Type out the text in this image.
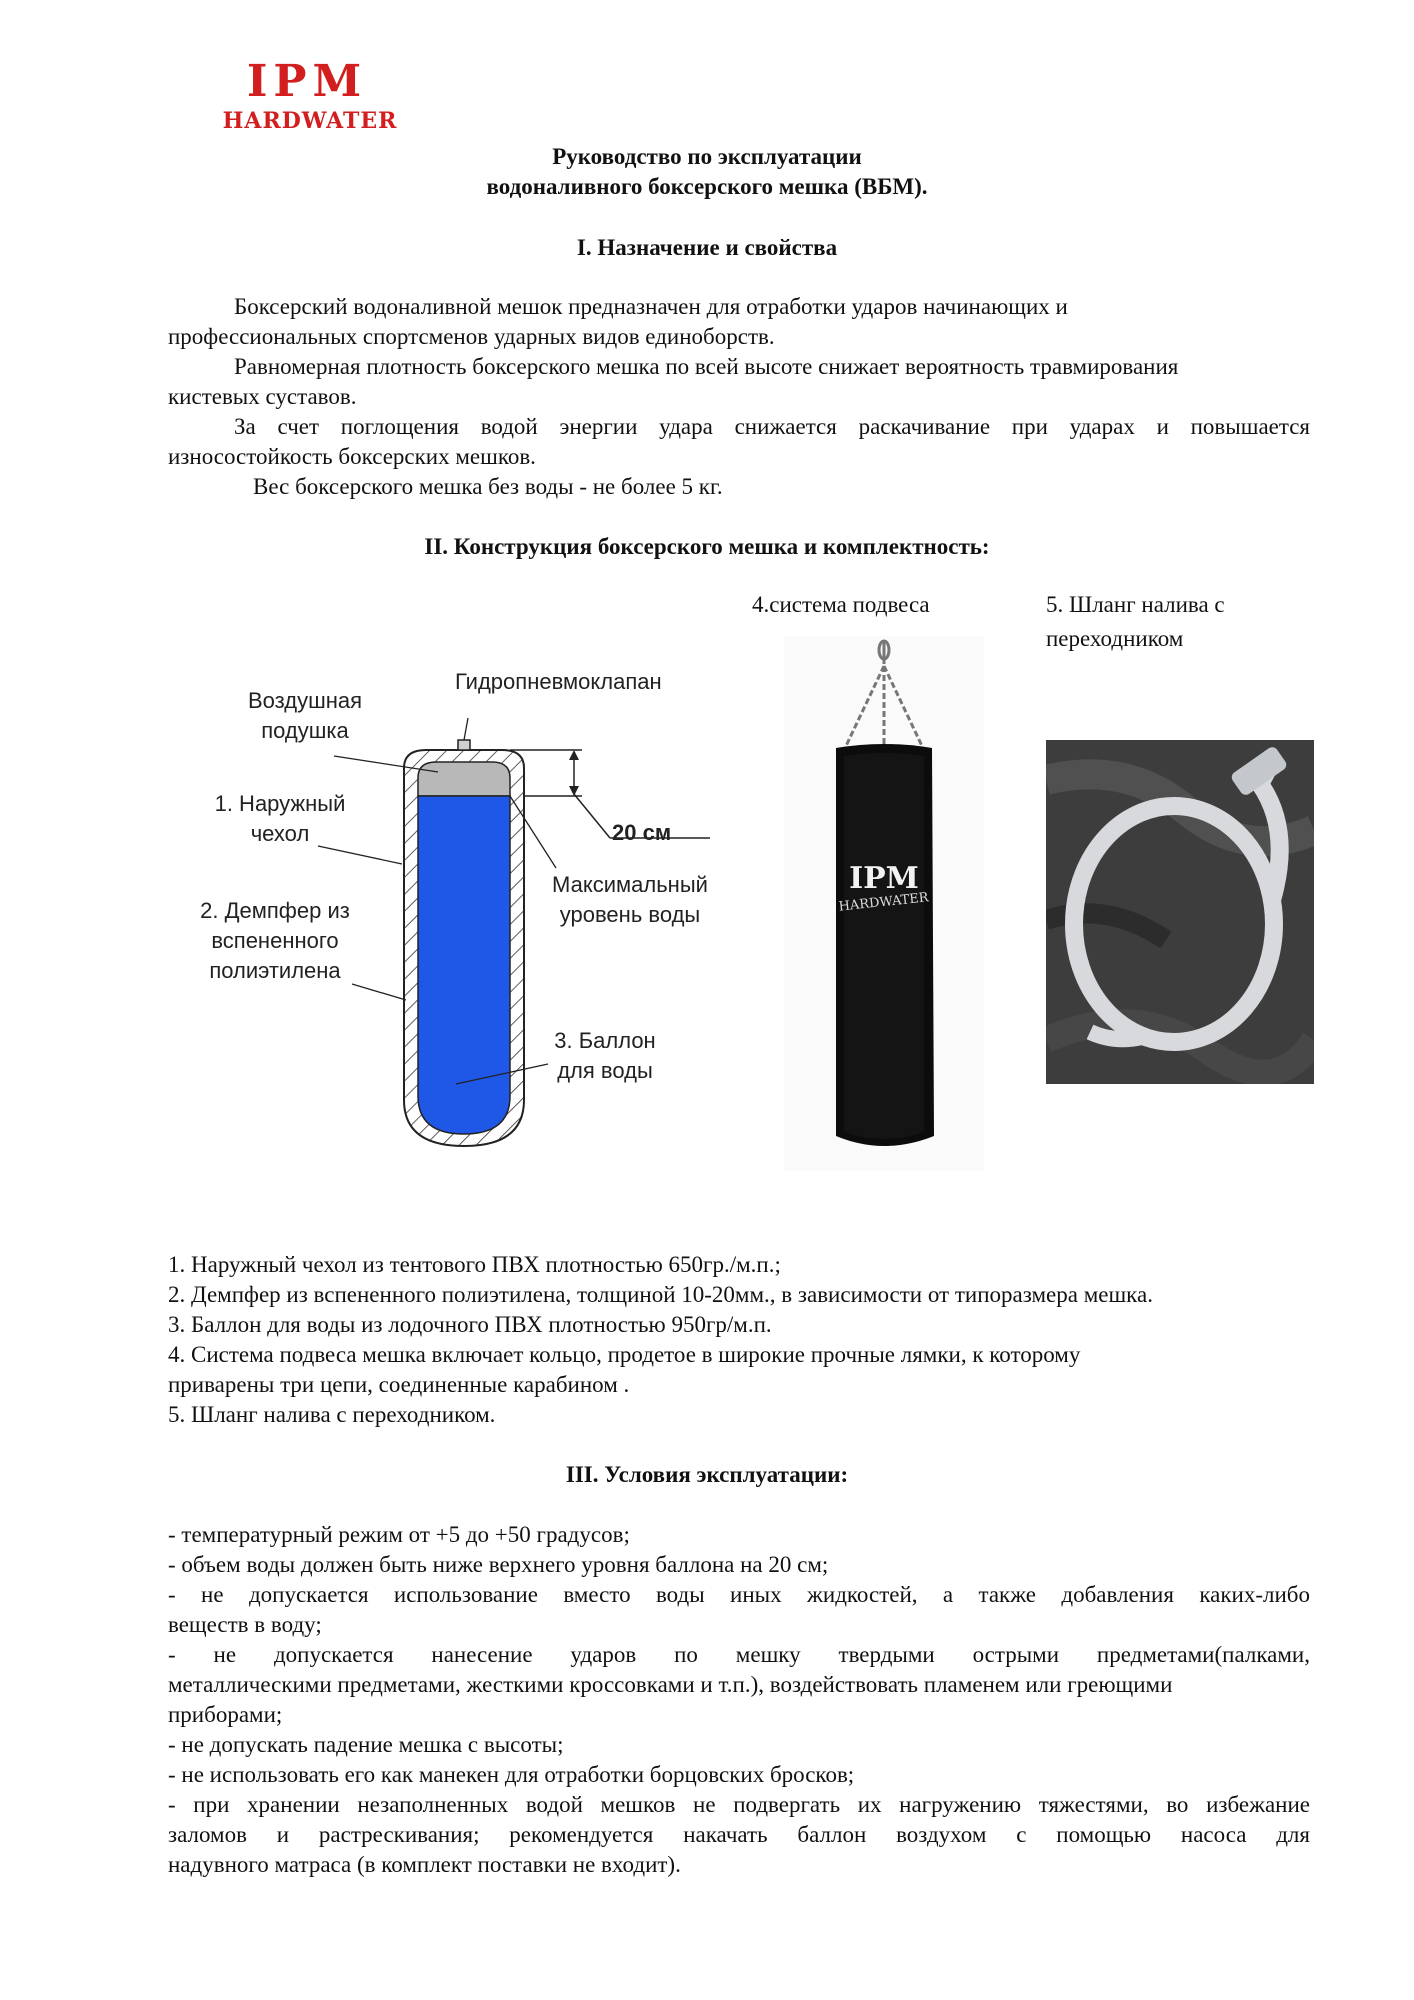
IPM
HARDWATER
Руководство по эксплуатации
водоналивного боксерского мешка (ВБМ).
I. Назначение и свойства
Боксерский водоналивной мешок предназначен для отработки ударов начинающих и
профессиональных спортсменов ударных видов единоборств.
Равномерная плотность боксерского мешка по всей высоте снижает вероятность травмирования
кистевых суставов.
За счет поглощения водой энергии удара снижается раскачивание при ударах и повышается
износостойкость боксерских мешков.
Вес боксерского мешка без воды - не более 5 кг.
II. Конструкция боксерского мешка и комплектность:
4.система подвеса	5. Шланг налива с
переходником
Гидропневмоклапан
Воздушная
подушка
1. Наружный
чехол	20 см
Максимальный
уровень воды
2. Демпфер из
вспененного
полиэтилена
3. Баллон
для воды
IPM
HARDWATER
1. Наружный чехол из тентового ПВХ плотностью 650гр./м.п.;
2. Демпфер из вспененного полиэтилена, толщиной 10-20мм., в зависимости от типоразмера мешка.
3. Баллон для воды из лодочного ПВХ плотностью 950гр/м.п.
4. Система подвеса мешка включает кольцо, продетое в широкие прочные лямки, к которому
приварены три цепи, соединенные карабином .
5. Шланг налива с переходником.
III. Условия эксплуатации:
- температурный режим от +5 до +50 градусов;
- объем воды должен быть ниже верхнего уровня баллона на 20 см;
- не допускается использование вместо воды иных жидкостей, а также добавления каких-либо
веществ в воду;
- не допускается нанесение ударов по мешку твердыми острыми предметами(палками,
металлическими предметами, жесткими кроссовками и т.п.), воздействовать пламенем или греющими
приборами;
- не допускать падение мешка с высоты;
- не использовать его как манекен для отработки борцовских бросков;
- при хранении незаполненных водой мешков не подвергать их нагружению тяжестями, во избежание
заломов и растрескивания; рекомендуется накачать баллон воздухом с помощью насоса для
надувного матраса (в комплект поставки не входит).
